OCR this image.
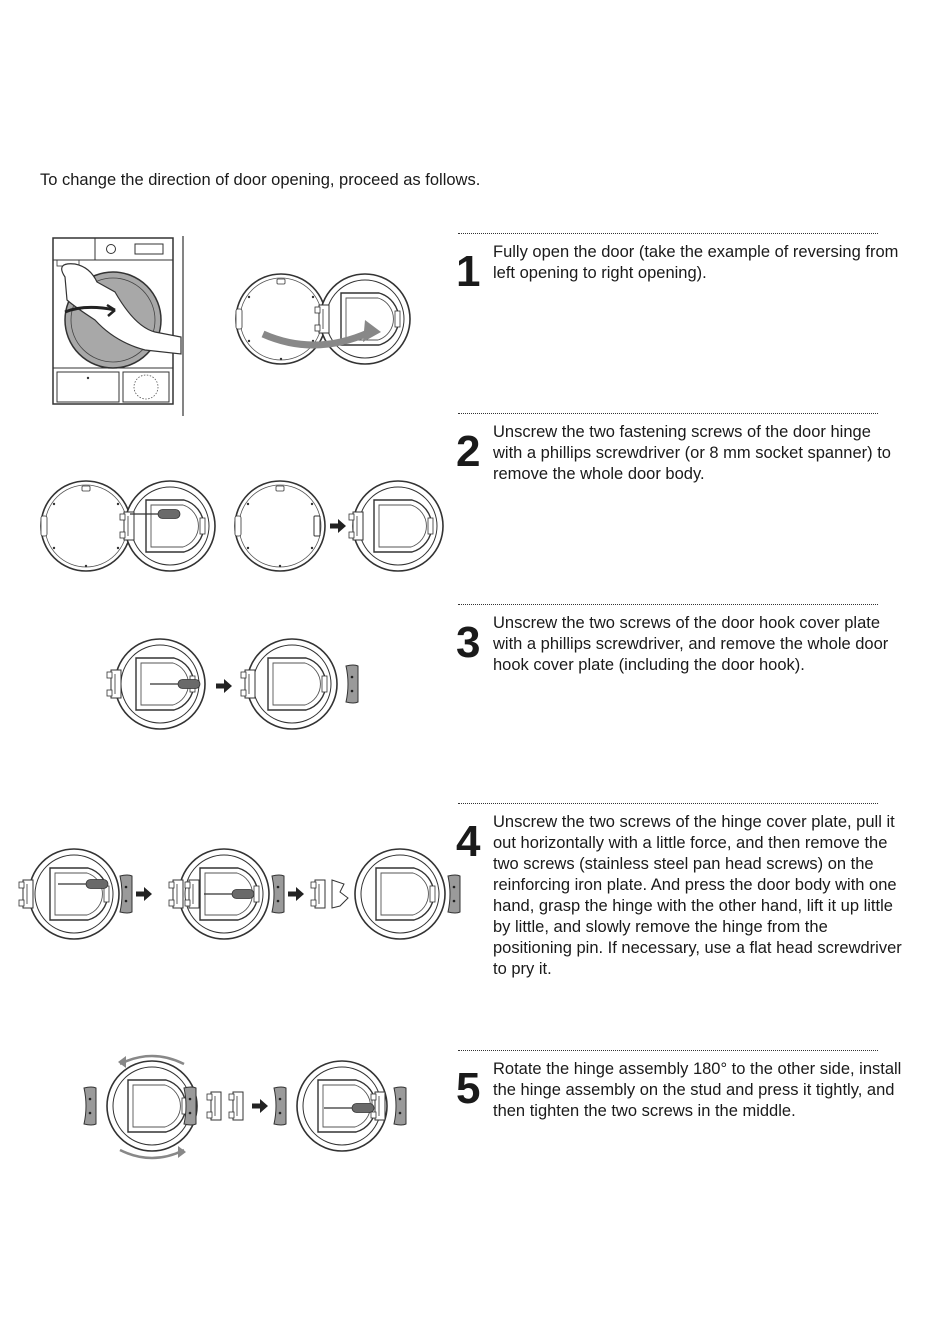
To change the direction of door opening, proceed as follows.

1 Fully open the door (take the example of reversing from left opening to right opening).

2 Unscrew the two fastening screws of the door hinge with a phillips screwdriver (or 8 mm socket spanner) to remove the whole door body.

3 Unscrew the two screws of the door hook cover plate with a phillips screwdriver, and remove the whole door hook cover plate (including the door hook).

4 Unscrew the two screws of the hinge cover plate, pull it out horizontally with a little force, and then remove the two screws (stainless steel pan head screws) on the reinforcing iron plate. And press the door body with one hand, grasp the hinge with the other hand, lift it up little by little, and slowly remove the hinge from the positioning pin. If necessary, use a flat head screwdriver to pry it.

5 Rotate the hinge assembly 180° to the other side, install the hinge assembly on the stud and press it tightly, and then tighten the two screws in the middle.
